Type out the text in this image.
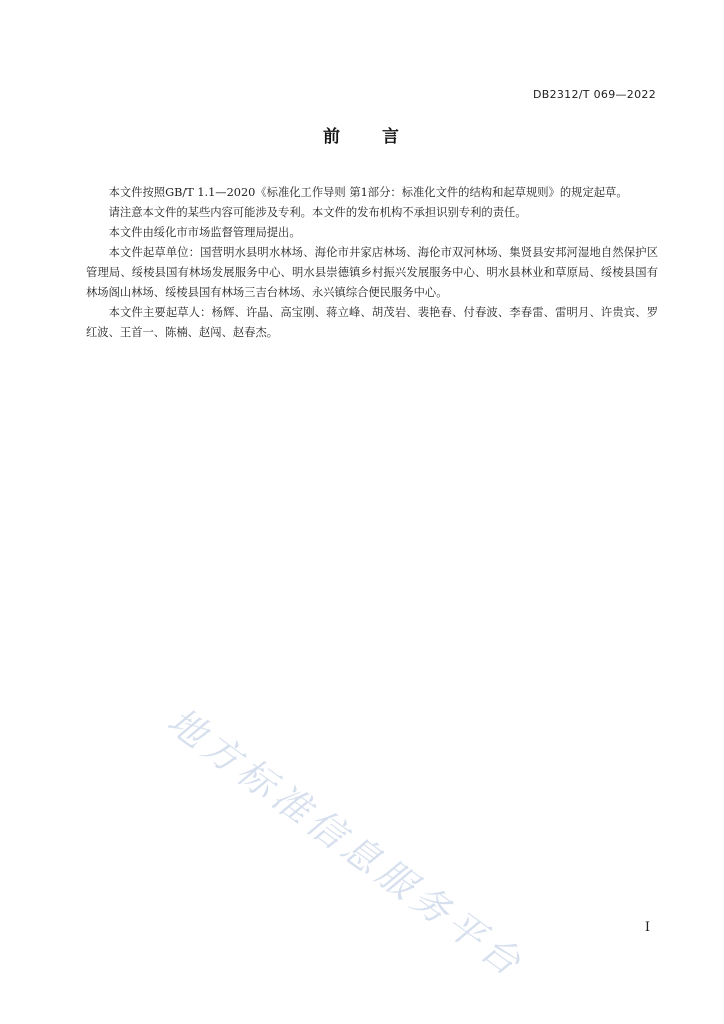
DB2312/T 069—2022
前 言

本文件按照GB/T 1.1—2020《标准化工作导则 第1部分：标准化文件的结构和起草规则》的规定起草。

请注意本文件的某些内容可能涉及专利。本文件的发布机构不承担识别专利的责任。

本文件由绥化市市场监督管理局提出。

本文件起草单位：国营明水县明水林场、海伦市井家店林场、海伦市双河林场、集贤县安邦河湿地自然保护区管理局、绥棱县国有林场发展服务中心、明水县崇德镇乡村振兴发展服务中心、明水县林业和草原局、绥棱县国有林场阁山林场、绥棱县国有林场三吉台林场、永兴镇综合便民服务中心。

本文件主要起草人：杨辉、许晶、高宝刚、蒋立峰、胡茂岩、裴艳春、付春波、李春雷、雷明月、许贵宾、罗红波、王首一、陈楠、赵闯、赵春杰。

地方标准信息服务平台	I
